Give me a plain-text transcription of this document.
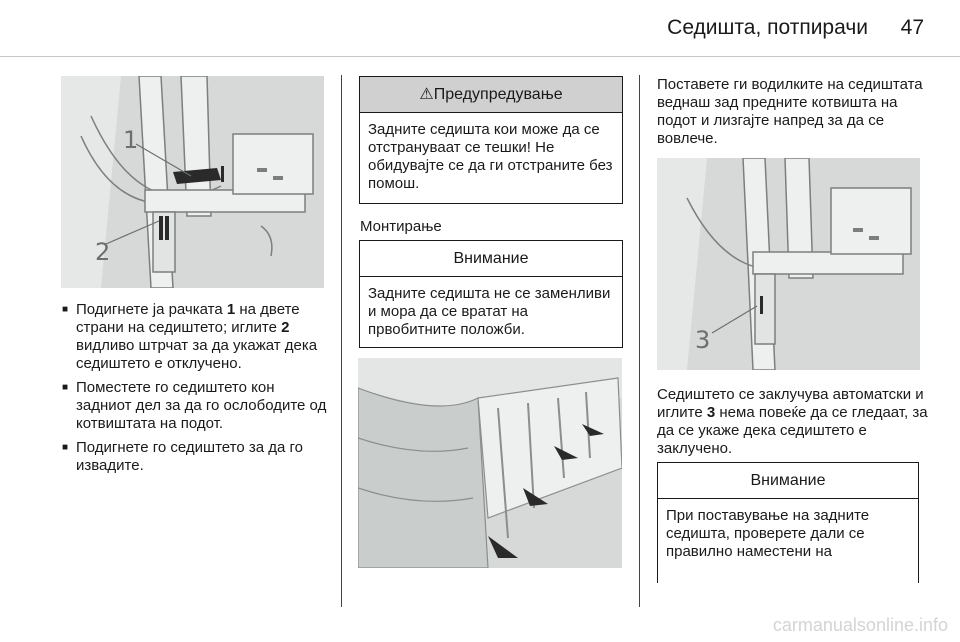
Седишта, потпирачи 47
1
2
■ Подигнете ја рачката 1 на двете страни на седиштето; иглите 2 видливо штрчат за да укажат дека седиштето е отклучено.
■ Поместете го седиштето кон задниот дел за да го ослободите од котвиштата на подот.
■ Подигнете го седиштето за да го извадите.
⚠Предупредување
Задните седишта кои може да се отстрануваат се тешки! Не обидувајте се да ги отстраните без помош.
Монтирање
Внимание
Задните седишта не се заменливи и мора да се вратат на првобитните положби.
Поставете ги водилките на седиштата веднаш зад предните котвишта на подот и лизгајте напред за да се вовлече.
3
Седиштето се заклучува автоматски и иглите 3 нема повеќе да се гледаат, за да се укаже дека седиштето е заклучено.
Внимание
При поставување на задните седишта, проверете дали се правилно наместени на
carmanualsonline.info
